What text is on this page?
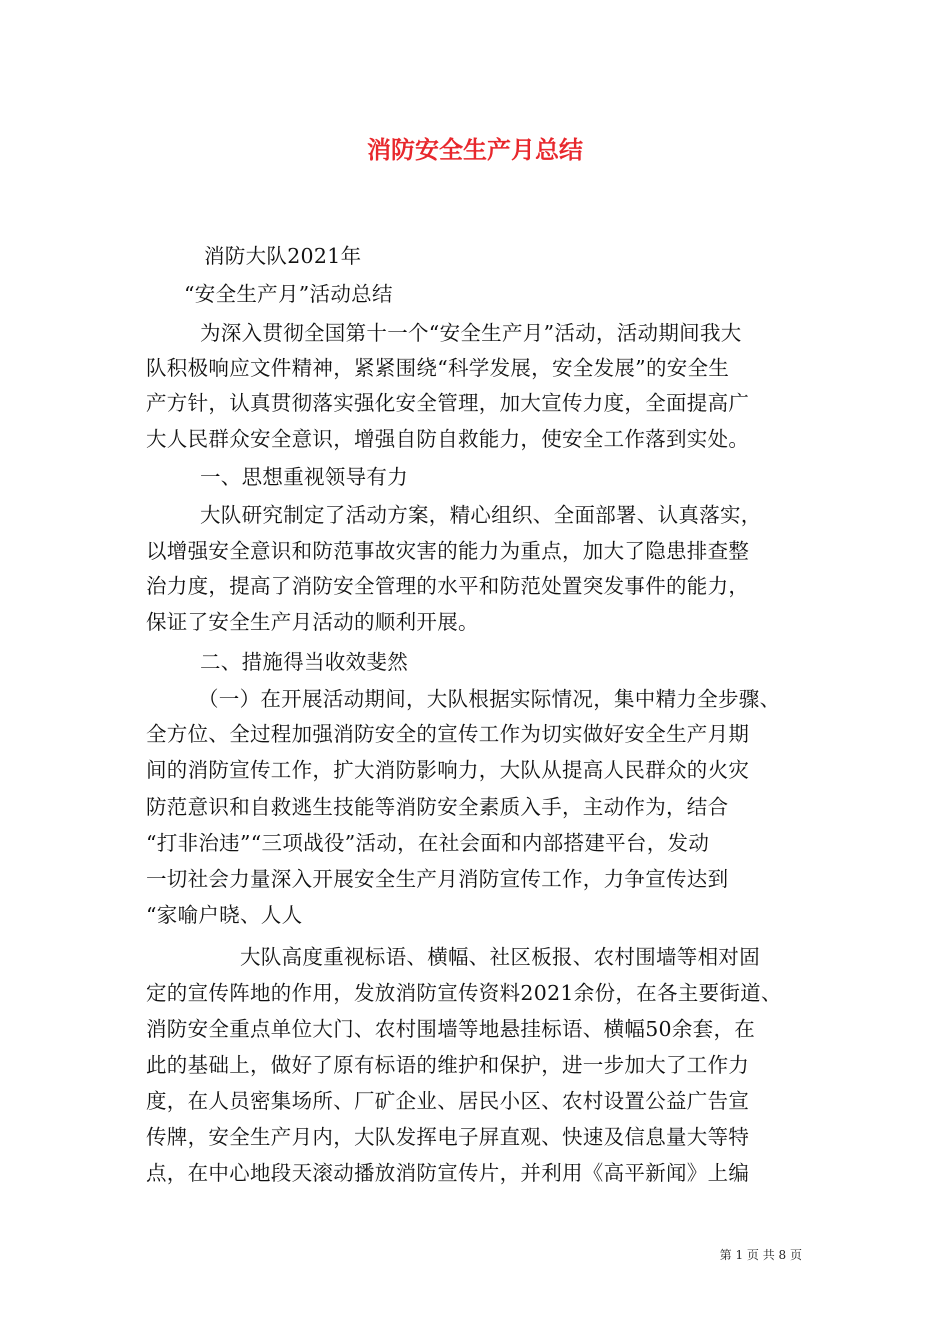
消防安全生产月总结
消防大队2021年
“安全生产月”活动总结
为深入贯彻全国第十一个“安全生产月”活动，活动期间我大
队积极响应文件精神，紧紧围绕“科学发展，安全发展”的安全生
产方针，认真贯彻落实强化安全管理，加大宣传力度，全面提高广
大人民群众安全意识，增强自防自救能力，使安全工作落到实处。
一、思想重视领导有力
大队研究制定了活动方案，精心组织、全面部署、认真落实，
以增强安全意识和防范事故灾害的能力为重点，加大了隐患排查整
治力度，提高了消防安全管理的水平和防范处置突发事件的能力，
保证了安全生产月活动的顺利开展。
二、措施得当收效斐然
（一）在开展活动期间，大队根据实际情况，集中精力全步骤、
全方位、全过程加强消防安全的宣传工作为切实做好安全生产月期
间的消防宣传工作，扩大消防影响力，大队从提高人民群众的火灾
防范意识和自救逃生技能等消防安全素质入手，主动作为，结合
“打非治违”“三项战役”活动，在社会面和内部搭建平台，发动
一切社会力量深入开展安全生产月消防宣传工作，力争宣传达到
“家喻户晓、人人
大队高度重视标语、横幅、社区板报、农村围墙等相对固
定的宣传阵地的作用，发放消防宣传资料2021余份，在各主要街道、
消防安全重点单位大门、农村围墙等地悬挂标语、横幅50余套，在
此的基础上，做好了原有标语的维护和保护，进一步加大了工作力
度，在人员密集场所、厂矿企业、居民小区、农村设置公益广告宣
传牌，安全生产月内，大队发挥电子屏直观、快速及信息量大等特
点，在中心地段天滚动播放消防宣传片，并利用《高平新闻》上编
第 1 页 共 8 页
